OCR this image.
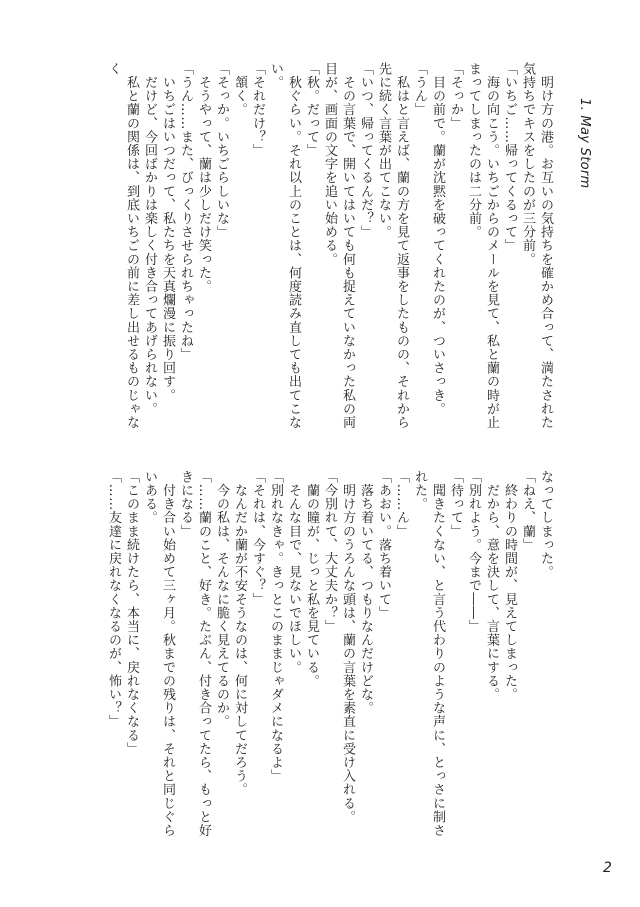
1. May Storm

　明け方の港。お互いの気持ちを確かめ合って、満たされた気持ちでキスをしたのが三分前。

「いちご……帰ってくるって」

　海の向こう。いちごからのメールを見て、私と蘭の時が止まってしまったのは二分前。

「そっか」

　目の前で。蘭が沈黙を破ってくれたのが、ついさっき。

「うん」

　私はと言えば、蘭の方を見て返事をしたものの、それから先に続く言葉が出てこない。

「いつ、帰ってくるんだ？」

　その言葉で、開いてはいても何も捉えていなかった私の両目が、画面の文字を追い始める。

「秋。だって」

　秋ぐらい。それ以上のことは、何度読み直しても出てこない。

「それだけ？」

　頷く。

「そっか。いちごらしいな」

　そうやって、蘭は少しだけ笑った。

「うん……また、びっくりさせられちゃったね」

　いちごはいつだって、私たちを天真爛漫に振り回す。

　だけど、今回ばかりは楽しく付き合ってあげられない。

　私と蘭の関係は、到底いちごの前に差し出せるものじゃなく

なってしまった。

「ねえ、蘭」

　終わりの時間が、見えてしまった。

　だから、意を決して、言葉にする。

「別れよう。今まで――」

「待って」

　聞きたくない、と言う代わりのような声に、とっさに制された。

「……ん」

「あおい。落ち着いて」

　落ち着いてる、つもりなんだけどな。

　明け方のうろんな頭は、蘭の言葉を素直に受け入れる。

「今別れて、大丈夫か？」

　蘭の瞳が、じっと私を見ている。

　そんな目で、見ないでほしい。

「別れなきゃ。きっとこのままじゃダメになるよ」

「それは、今すぐ？」

　なんだか蘭が不安そうなのは、何に対してだろう。

　今の私は、そんなに脆く見えてるのか。

「……蘭のこと、好き。たぶん、付き合ってたら、もっと好きになる」

　付き合い始めて三ヶ月。秋までの残りは、それと同じぐらいある。

「このまま続けたら、本当に、戻れなくなる」

「……友達に戻れなくなるのが、怖い？」

2
